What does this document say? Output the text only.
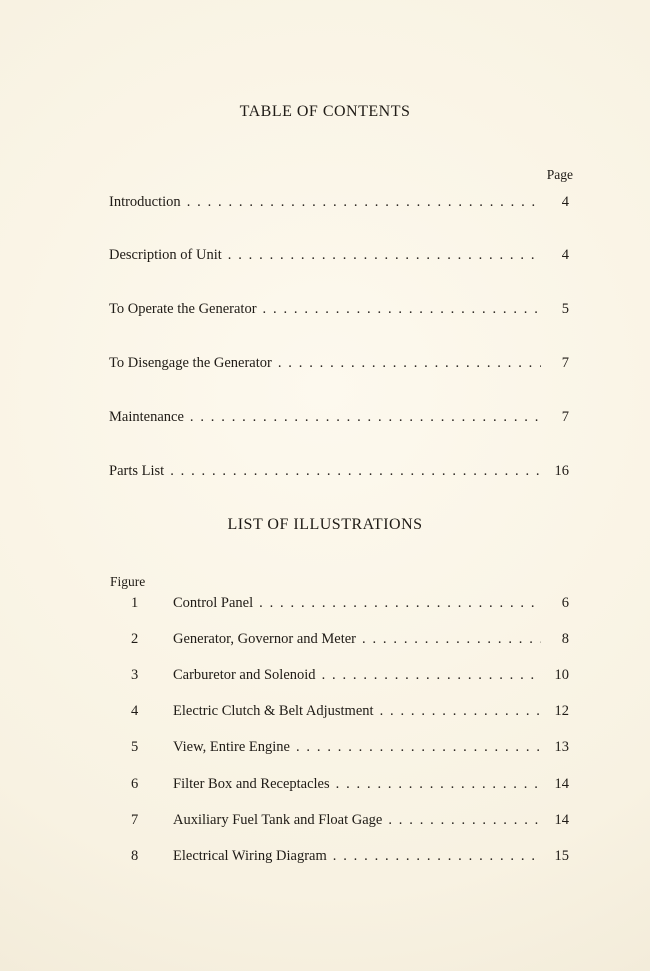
TABLE OF CONTENTS
Page
Introduction . . .	4
Description of Unit . . .	4
To Operate the Generator . . .	5
To Disengage the Generator . . .	7
Maintenance . . .	7
Parts List . . .	16
LIST OF ILLUSTRATIONS
Figure
1	Control Panel . . .	6
2	Generator, Governor and Meter . . .	8
3	Carburetor and Solenoid . . .	10
4	Electric Clutch & Belt Adjustment . . .	12
5	View, Entire Engine . . .	13
6	Filter Box and Receptacles . . .	14
7	Auxiliary Fuel Tank and Float Gage . . .	14
8	Electrical Wiring Diagram . . .	15
